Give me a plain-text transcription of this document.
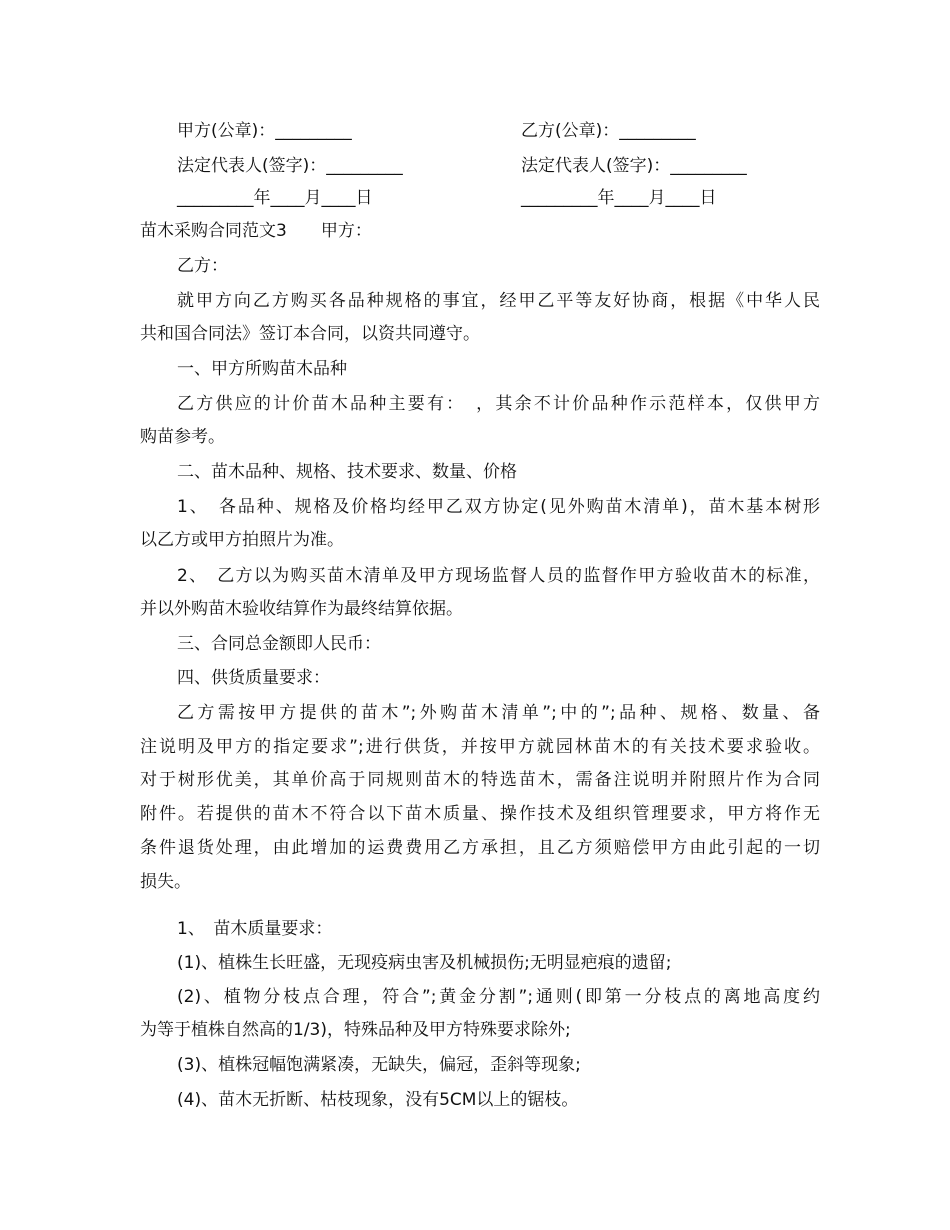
甲方(公章)：_________	乙方(公章)：_________
法定代表人(签字)：_________	法定代表人(签字)：_________
_________年____月____日	_________年____月____日
苗木采购合同范文3　　甲方：
乙方：
就甲方向乙方购买各品种规格的事宜，经甲乙平等友好协商，根据《中华人民
共和国合同法》签订本合同，以资共同遵守。
一、甲方所购苗木品种
乙方供应的计价苗木品种主要有：　，其余不计价品种作示范样本，仅供甲方
购苗参考。
二、苗木品种、规格、技术要求、数量、价格
1、　各品种、规格及价格均经甲乙双方协定(见外购苗木清单)，苗木基本树形
以乙方或甲方拍照片为准。
2、　乙方以为购买苗木清单及甲方现场监督人员的监督作甲方验收苗木的标准，
并以外购苗木验收结算作为最终结算依据。
三、合同总金额即人民币：
四、供货质量要求：
乙方需按甲方提供的苗木”;外购苗木清单”;中的”;品种、规格、数量、备
注说明及甲方的指定要求”;进行供货，并按甲方就园林苗木的有关技术要求验收。
对于树形优美，其单价高于同规则苗木的特选苗木，需备注说明并附照片作为合同
附件。若提供的苗木不符合以下苗木质量、操作技术及组织管理要求，甲方将作无
条件退货处理，由此增加的运费费用乙方承担，且乙方须赔偿甲方由此引起的一切
损失。
1、　苗木质量要求：
(1)、植株生长旺盛，无现疫病虫害及机械损伤;无明显疤痕的遗留;
(2)、植物分枝点合理，符合”;黄金分割”;通则(即第一分枝点的离地高度约
为等于植株自然高的1/3)，特殊品种及甲方特殊要求除外;
(3)、植株冠幅饱满紧凑，无缺失，偏冠，歪斜等现象;
(4)、苗木无折断、枯枝现象，没有5CM以上的锯枝。
